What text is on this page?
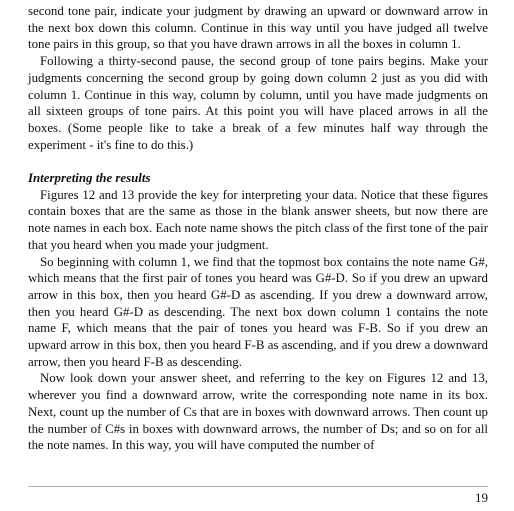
second tone pair, indicate your judgment by drawing an upward or downward arrow in the next box down this column. Continue in this way until you have judged all twelve tone pairs in this group, so that you have drawn arrows in all the boxes in column 1.

Following a thirty-second pause, the second group of tone pairs begins. Make your judgments concerning the second group by going down column 2 just as you did with column 1. Continue in this way, column by column, until you have made judgments on all sixteen groups of tone pairs. At this point you will have placed arrows in all the boxes. (Some people like to take a break of a few minutes half way through the experiment - it's fine to do this.)

Interpreting the results

Figures 12 and 13 provide the key for interpreting your data. Notice that these figures contain boxes that are the same as those in the blank answer sheets, but now there are note names in each box. Each note name shows the pitch class of the first tone of the pair that you heard when you made your judgment.

So beginning with column 1, we find that the topmost box contains the note name G#, which means that the first pair of tones you heard was G#-D. So if you drew an upward arrow in this box, then you heard G#-D as ascending. If you drew a downward arrow, then you heard G#-D as descending. The next box down column 1 contains the note name F, which means that the pair of tones you heard was F-B. So if you drew an upward arrow in this box, then you heard F-B as ascending, and if you drew a downward arrow, then you heard F-B as descending.

Now look down your answer sheet, and referring to the key on Figures 12 and 13, wherever you find a downward arrow, write the corresponding note name in its box. Next, count up the number of Cs that are in boxes with downward arrows. Then count up the number of C#s in boxes with downward arrows, the number of Ds; and so on for all the note names. In this way, you will have computed the number of

19
